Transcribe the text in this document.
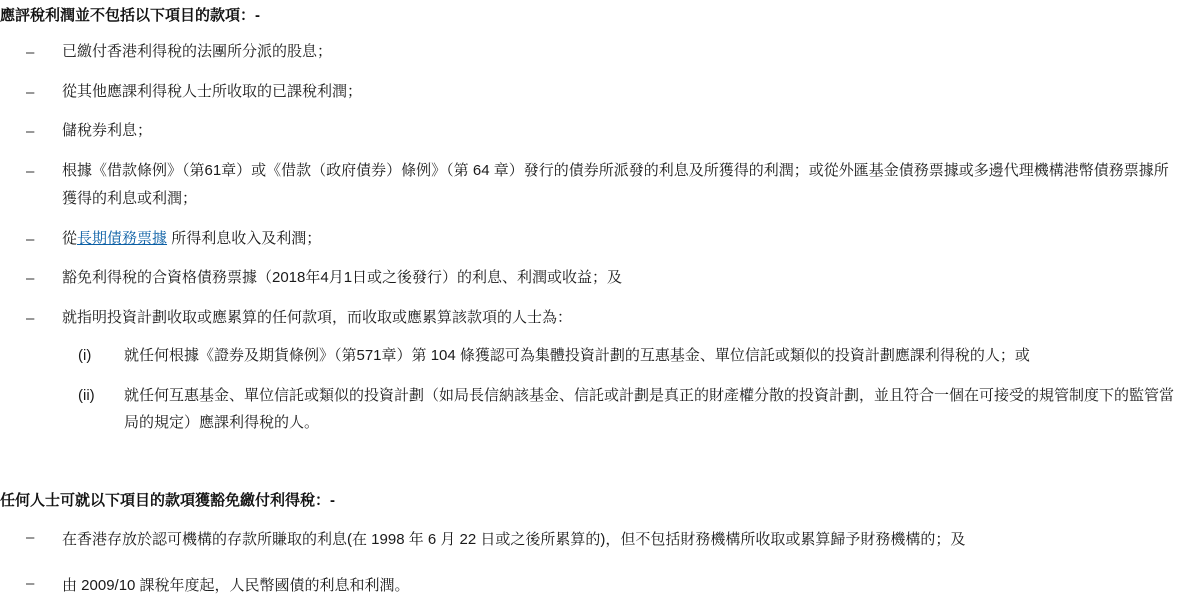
應評稅利潤並不包括以下項目的款項：-

– 已繳付香港利得稅的法團所分派的股息；
– 從其他應課利得稅人士所收取的已課稅利潤；
– 儲稅券利息；
– 根據《借款條例》（第61章）或《借款（政府債券）條例》（第 64 章）發行的債券所派發的利息及所獲得的利潤；或從外匯基金債務票據或多邊代理機構港幣債務票據所獲得的利息或利潤；
– 從長期債務票據 所得利息收入及利潤；
– 豁免利得稅的合資格債務票據（2018年4月1日或之後發行）的利息、利潤或收益；及
– 就指明投資計劃收取或應累算的任何款項，而收取或應累算該款項的人士為：
(i) 就任何根據《證券及期貨條例》（第571章）第 104 條獲認可為集體投資計劃的互惠基金、單位信託或類似的投資計劃應課利得稅的人；或
(ii) 就任何互惠基金、單位信託或類似的投資計劃（如局長信納該基金、信託或計劃是真正的財產權分散的投資計劃，並且符合一個在可接受的規管制度下的監管當局的規定）應課利得稅的人。

任何人士可就以下項目的款項獲豁免繳付利得稅：-

– 在香港存放於認可機構的存款所賺取的利息(在 1998 年 6 月 22 日或之後所累算的)，但不包括財務機構所收取或累算歸予財務機構的；及
– 由 2009/10 課稅年度起，人民幣國債的利息和利潤。
